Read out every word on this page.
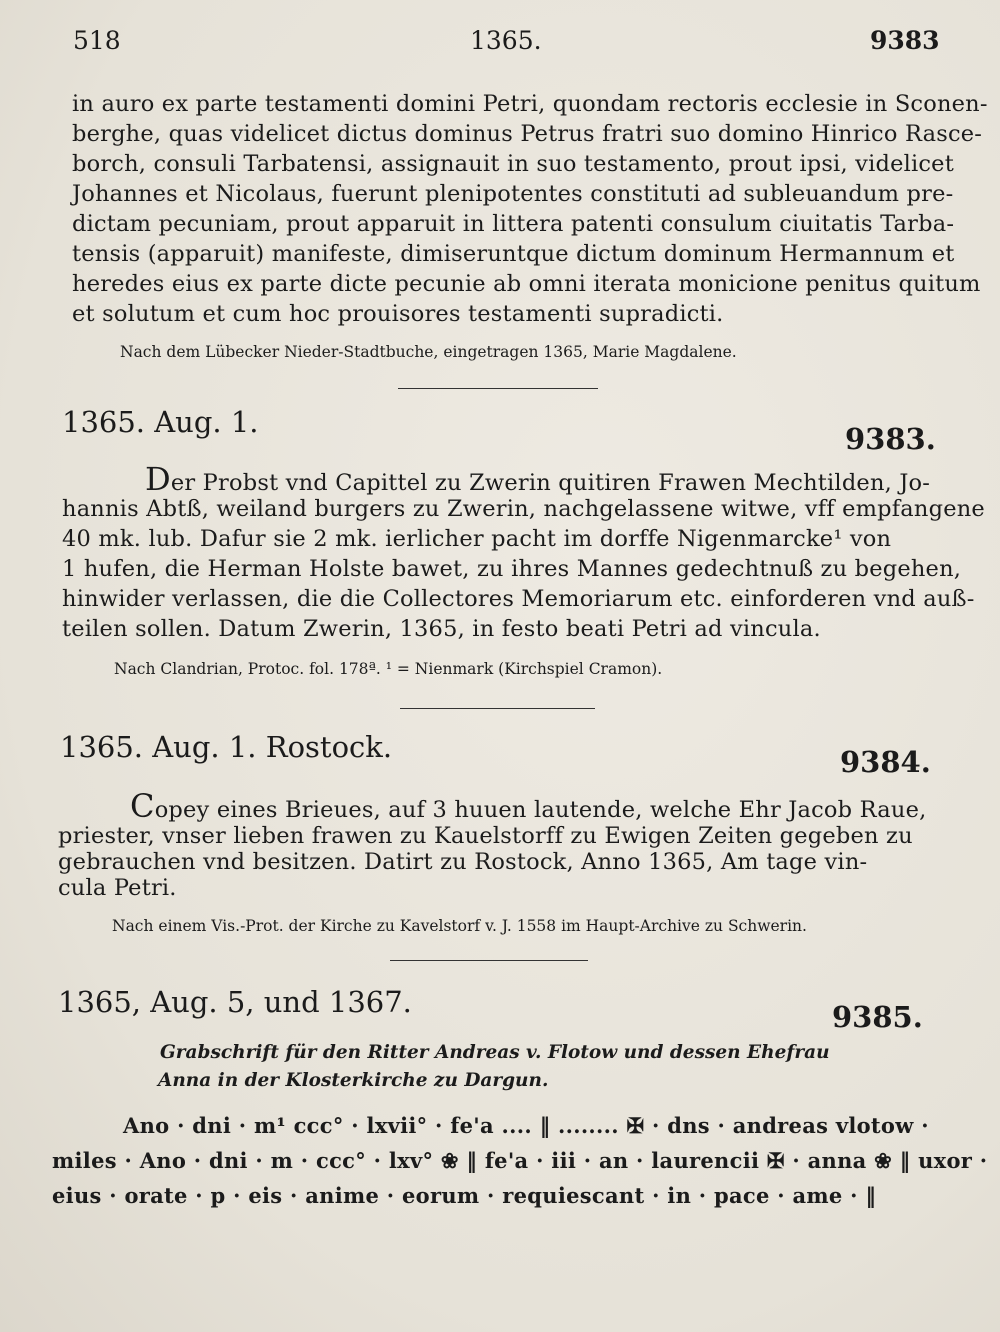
518	1365.	9383
in auro ex parte testamenti domini Petri, quondam rectoris ecclesie in Sconen-
berghe, quas videlicet dictus dominus Petrus fratri suo domino Hinrico Rasce-
borch, consuli Tarbatensi, assignauit in suo testamento, prout ipsi, videlicet
Johannes et Nicolaus, fuerunt plenipotentes constituti ad subleuandum pre-
dictam pecuniam, prout apparuit in littera patenti consulum ciuitatis Tarba-
tensis (apparuit) manifeste, dimiseruntque dictum dominum Hermannum et
heredes eius ex parte dicte pecunie ab omni iterata monicione penitus quitum
et solutum et cum hoc prouisores testamenti supradicti.
Nach dem Lübecker Nieder-Stadtbuche, eingetragen 1365, Marie Magdalene.
1365. Aug. 1.	9383.
Der Probst vnd Capittel zu Zwerin quitiren Frawen Mechtilden, Jo-
hannis Abtß, weiland burgers zu Zwerin, nachgelassene witwe, vff empfangene
40 mk. lub. Dafur sie 2 mk. ierlicher pacht im dorffe Nigenmarcke¹ von
1 hufen, die Herman Holste bawet, zu ihres Mannes gedechtnuß zu begehen,
hinwider verlassen, die die Collectores Memoriarum etc. einforderen vnd auß-
teilen sollen. Datum Zwerin, 1365, in festo beati Petri ad vincula.
Nach Clandrian, Protoc. fol. 178ª. ¹ = Nienmark (Kirchspiel Cramon).
1365. Aug. 1. Rostock.	9384.
Copey eines Brieues, auf 3 huuen lautende, welche Ehr Jacob Raue,
priester, vnser lieben frawen zu Kauelstorff zu Ewigen Zeiten gegeben zu
gebrauchen vnd besitzen. Datirt zu Rostock, Anno 1365, Am tage vin-
cula Petri.
Nach einem Vis.-Prot. der Kirche zu Kavelstorf v. J. 1558 im Haupt-Archive zu Schwerin.
1365, Aug. 5, und 1367.	9385.
Grabschrift für den Ritter Andreas v. Flotow und dessen Ehefrau
Anna in der Klosterkirche zu Dargun.
Ano · dni · m¹ ccc° · lxvii° · fe'a .... ‖ ........ ✠ · dns · andreas vlotow ·
miles · Ano · dni · m · ccc° · lxv° ❀ ‖ fe'a · iii · an · laurencii ✠ · anna ❀ ‖ uxor ·
eius · orate · p · eis · anime · eorum · requiescant · in · pace · ame · ‖
